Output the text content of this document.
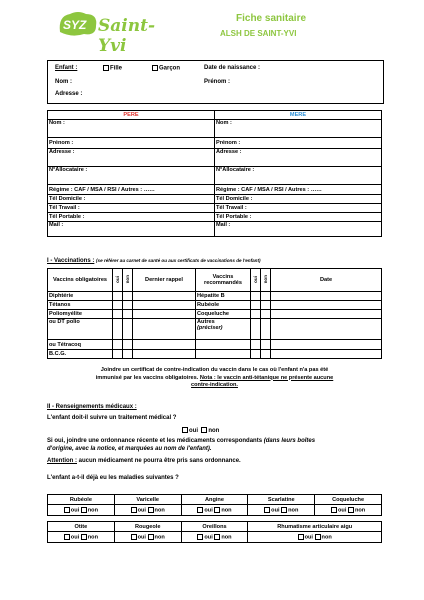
SYZ Saint-Yvi
Fiche sanitaire
ALSH DE SAINT-YVI
Enfant :	Fille	Garçon	Date de naissance :
Nom :	Prénom :
Adresse :
PERE	MERE
Nom :	Nom :
Prénom :	Prénom :
Adresse :	Adresse :
N°Allocataire :	N°Allocataire :
Régime : CAF / MSA / RSI / Autres : ……	Régime : CAF / MSA / RSI / Autres : ……
Tél Domicile :	Tél Domicile :
Tél Travail :	Tél Travail :
Tél Portable :	Tél Portable :
Mail :	Mail :
I - Vaccinations : (se référer au carnet de santé ou aux certificats de vaccinations de l'enfant)
Vaccins obligatoires	oui	non	Dernier rappel	Vaccins recommandés	oui	non	Date
Diphtérie				Hépatite B			
Tétanos				Rubéole			
Poliomyélite				Coqueluche			
ou DT polio				Autres
(préciser)			

ou Tétracoq							
B.C.G.							
Joindre un certificat de contre-indication du vaccin dans le cas où l'enfant n'a pas été
immunisé par les vaccins obligatoires. Nota : le vaccin anti-tétanique ne présente aucune
contre-indication.
II - Renseignements médicaux :
L'enfant doit-il suivre un traitement médical ?
oui non
Si oui, joindre une ordonnance récente et les médicaments correspondants (dans leurs boîtes
d'origine, avec la notice, et marquées au nom de l'enfant).
Attention : aucun médicament ne pourra être pris sans ordonnance.
L'enfant a-t-il déjà eu les maladies suivantes ?
Rubéole	Varicelle	Angine	Scarlatine	Coqueluche
oui non	oui non	oui non	oui non	oui non
Otite	Rougeole	Oreillons	Rhumatisme articulaire aigu
oui non	oui non	oui non	oui non
